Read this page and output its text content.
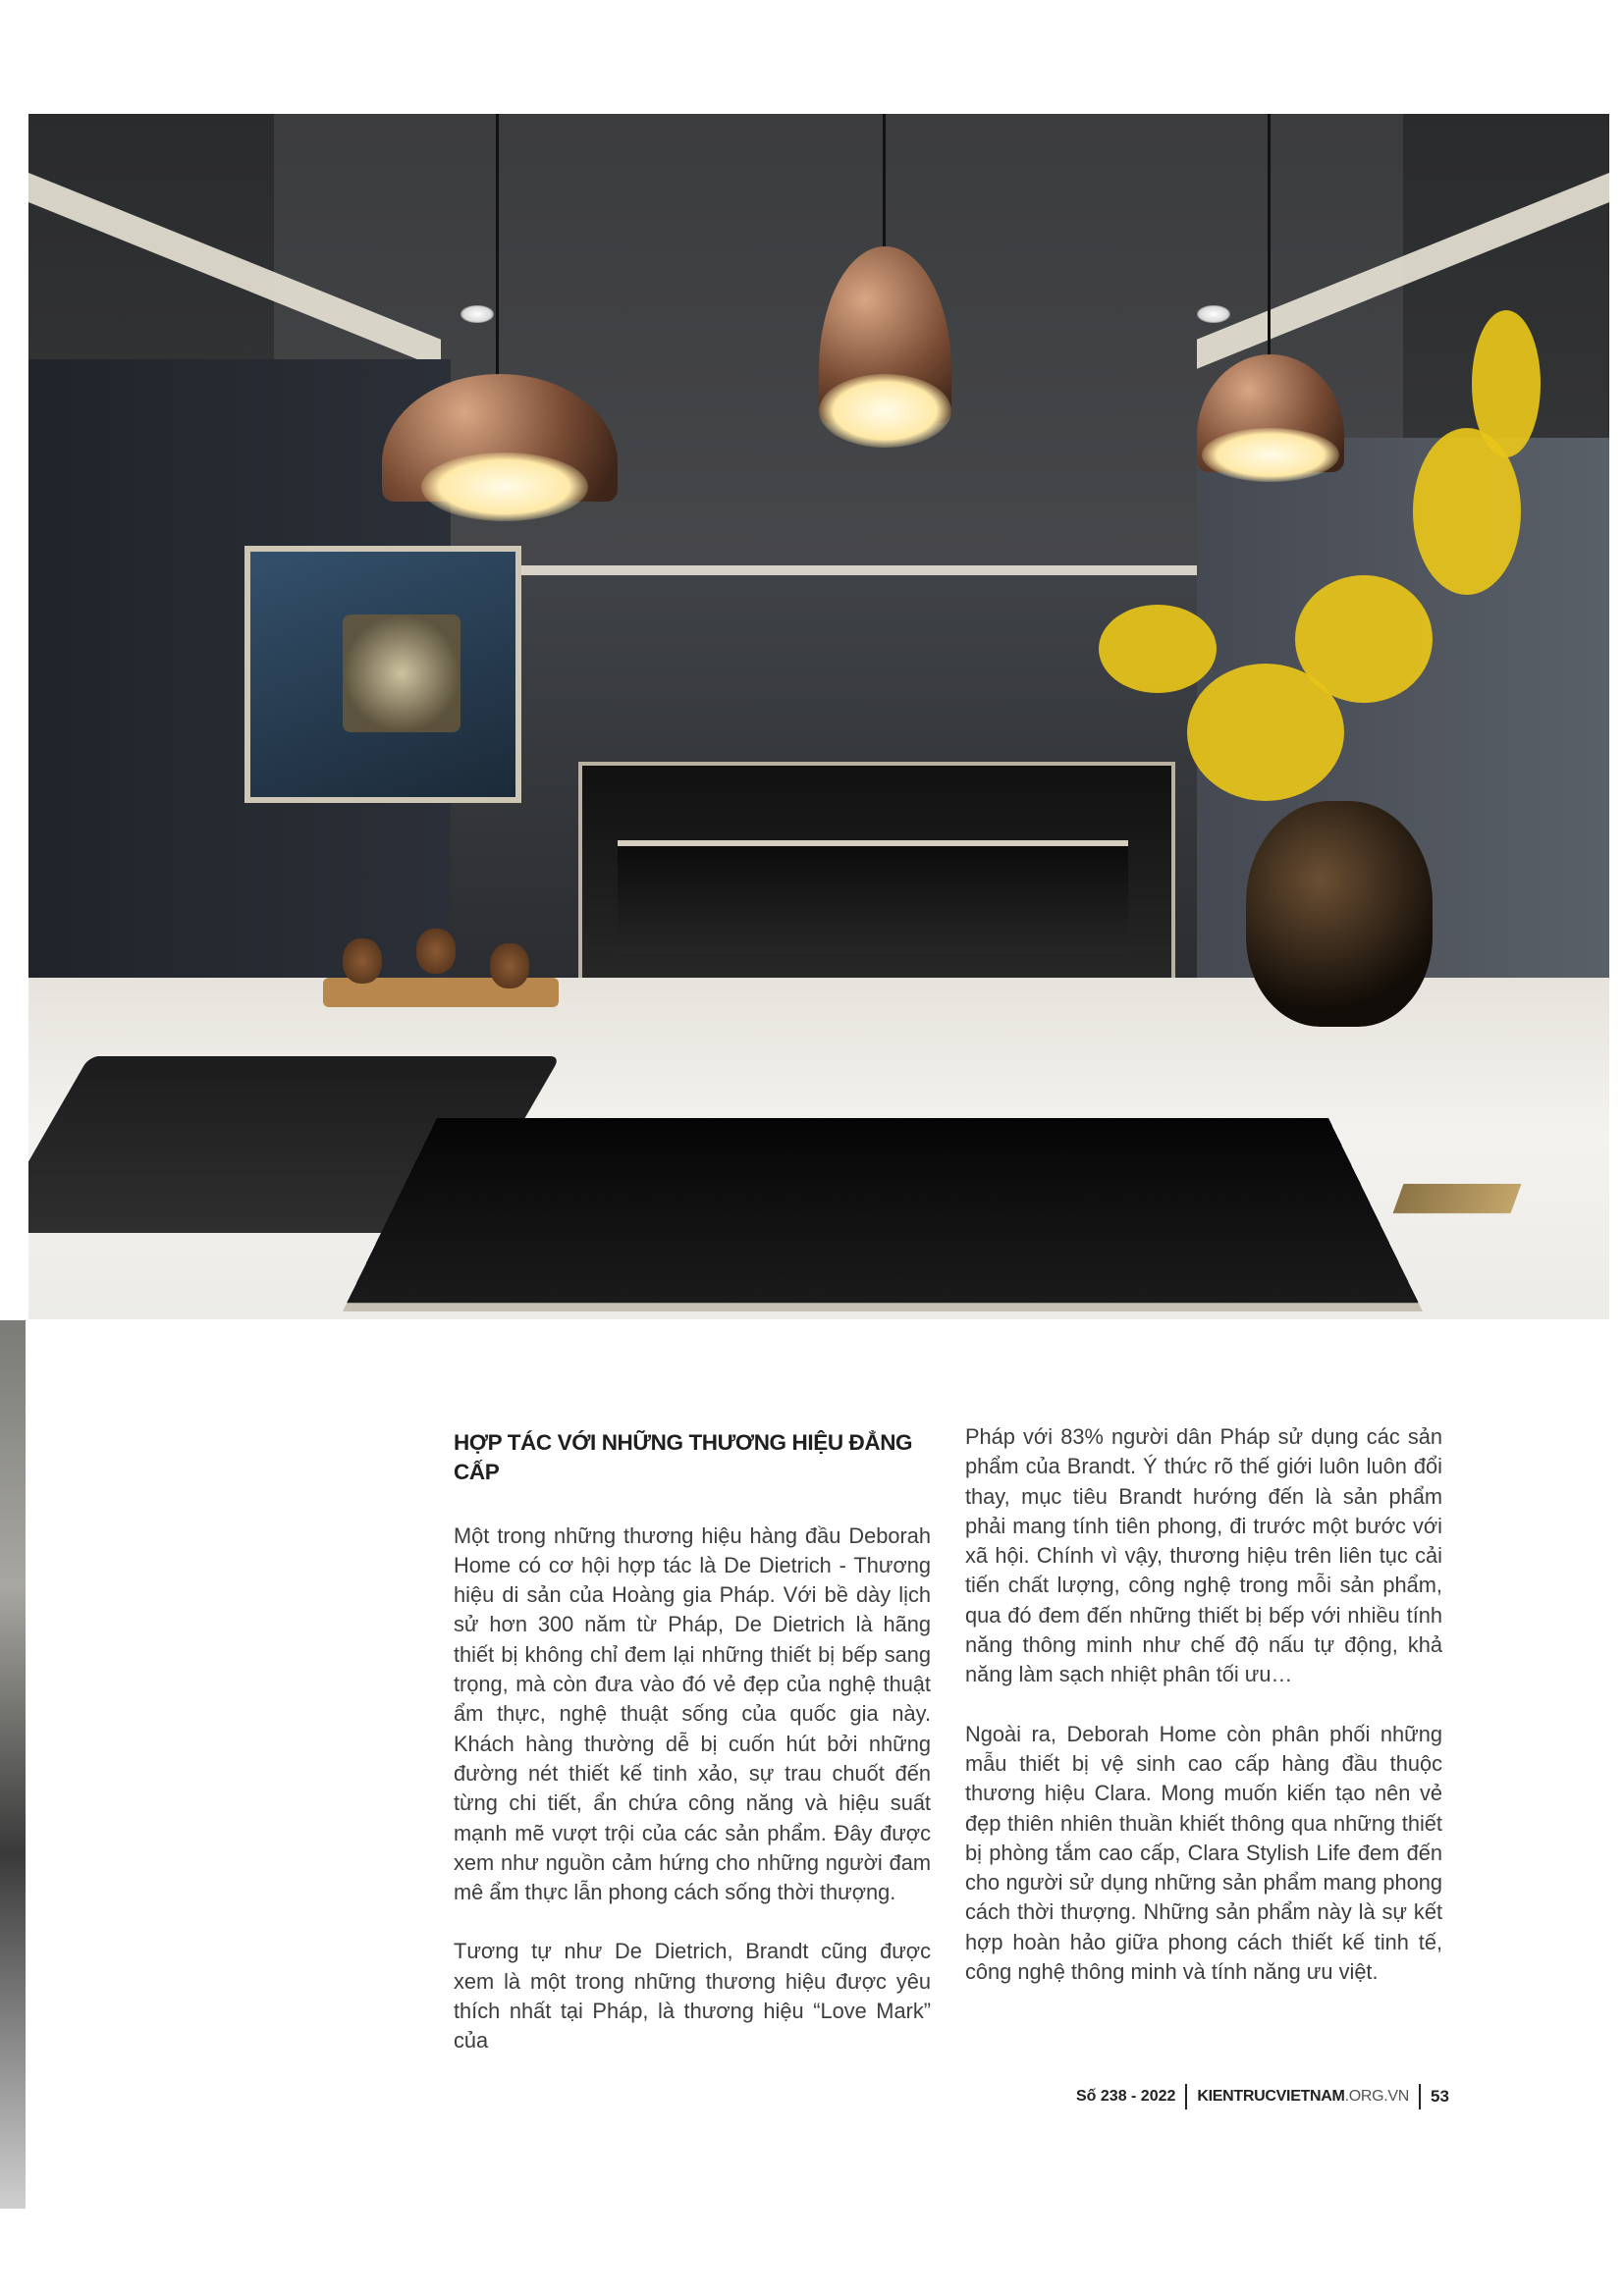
HỢP TÁC VỚI NHỮNG THƯƠNG HIỆU ĐẲNG CẤP

Một trong những thương hiệu hàng đầu Deborah Home có cơ hội hợp tác là De Dietrich - Thương hiệu di sản của Hoàng gia Pháp. Với bề dày lịch sử hơn 300 năm từ Pháp, De Dietrich là hãng thiết bị không chỉ đem lại những thiết bị bếp sang trọng, mà còn đưa vào đó vẻ đẹp của nghệ thuật ẩm thực, nghệ thuật sống của quốc gia này. Khách hàng thường dễ bị cuốn hút bởi những đường nét thiết kế tinh xảo, sự trau chuốt đến từng chi tiết, ẩn chứa công năng và hiệu suất mạnh mẽ vượt trội của các sản phẩm. Đây được xem như nguồn cảm hứng cho những người đam mê ẩm thực lẫn phong cách sống thời thượng.

Tương tự như De Dietrich, Brandt cũng được xem là một trong những thương hiệu được yêu thích nhất tại Pháp, là thương hiệu “Love Mark” của

Pháp với 83% người dân Pháp sử dụng các sản phẩm của Brandt. Ý thức rõ thế giới luôn luôn đổi thay, mục tiêu Brandt hướng đến là sản phẩm phải mang tính tiên phong, đi trước một bước với xã hội. Chính vì vậy, thương hiệu trên liên tục cải tiến chất lượng, công nghệ trong mỗi sản phẩm, qua đó đem đến những thiết bị bếp với nhiều tính năng thông minh như chế độ nấu tự động, khả năng làm sạch nhiệt phân tối ưu…

Ngoài ra, Deborah Home còn phân phối những mẫu thiết bị vệ sinh cao cấp hàng đầu thuộc thương hiệu Clara. Mong muốn kiến tạo nên vẻ đẹp thiên nhiên thuần khiết thông qua những thiết bị phòng tắm cao cấp, Clara Stylish Life đem đến cho người sử dụng những sản phẩm mang phong cách thời thượng. Những sản phẩm này là sự kết hợp hoàn hảo giữa phong cách thiết kế tinh tế, công nghệ thông minh và tính năng ưu việt.

Số 238 - 2022 KIENTRUCVIETNAM .ORG.VN 53
